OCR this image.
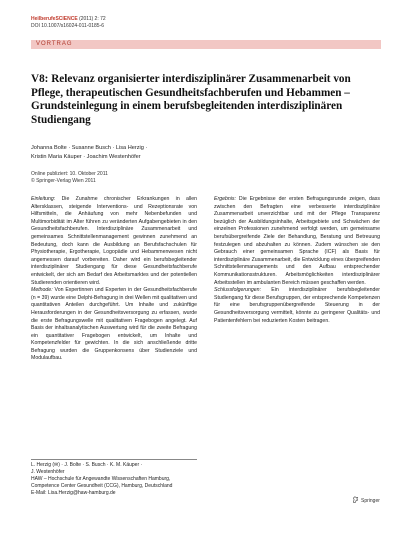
HeilberufeSCIENCE (2011) 2: 72
DOI 10.1007/s16024-011-0185-6
VORTRAG
V8: Relevanz organisierter interdisziplinärer Zusammenarbeit von Pflege, therapeutischen Gesundheitsfachberufen und Hebammen – Grundsteinlegung in einem berufsbegleitenden interdisziplinären Studiengang
Johanna Bolte · Susanne Busch · Lisa Herzig ·
Kristin Maria Käuper · Joachim Westenhöfer
Online publiziert: 10. Oktober 2011
© Springer-Verlag Wien 2011

Einleitung: Die Zunahme chronischer Erkrankungen in allen Altersklassen, steigende Interventions- und Rezeptionsrate von Hilfsmitteln, die Anhäufung von mehr Nebenbefunden und Multimorbidität im Alter führen zu veränderten Aufgabengebieten in den Gesundheitsfachberufen. Interdisziplinäre Zusammenarbeit und gemeinsames Schnittstellenmanagement gewinnen zunehmend an Bedeutung, doch kann die Ausbildung an Berufsfachschulen für Physiotherapie, Ergotherapie, Logopädie und Hebammenwesen nicht angemessen darauf vorbereiten. Daher wird ein berufsbegleitender interdisziplinärer Studiengang für diese Gesundheitsfachberufe entwickelt, der sich am Bedarf des Arbeitsmarktes und der potentiellen Studierenden orientieren wird.
Methode: Von Expertinnen und Experten in der Gesundheitsfachberufe (n = 39) wurde eine Delphi-Befragung in drei Wellen mit qualitativen und quantitativen Anteilen durchgeführt. Um Inhalte und zukünftige Herausforderungen in der Gesundheitsversorgung zu erfassen, wurde die erste Befragungswelle mit qualitativen Fragebogen angelegt. Auf Basis der inhaltsanalytischen Auswertung wird für die zweite Befragung ein quantitativer Fragebogen entwickelt, um Inhalte und Kompetenzfelder für gewichten. In die sich anschließende dritte Befragung wurden die Gruppenkonsens über Studienziele und Modulaufbau.

Ergebnis: Die Ergebnisse der ersten Befragungsrunde zeigen, dass zwischen den Befragten eine verbesserte interdisziplinäre Zusammenarbeit unverzichtbar und mit der Pflege Transparenz bezüglich der Ausbildungsinhalte, Arbeitsgebiete und Schwächen der einzelnen Professionen zunehmend verfolgt werden, um gemeinsame berufsübergreifende Ziele der Behandlung, Beratung und Betreuung festzulegen und abzuhalten zu können. Zudem wünschen sie den Gebrauch einer gemeinsamen Sprache (ICF) als Basis für interdisziplinäre Zusammenarbeit, die Entwicklung eines übergreifenden Schnittstellenmanagements und den Aufbau entsprechender Kommunikationsstrukturen. Arbeitsmöglichkeiten interdisziplinärer Arbeitsstellen im ambulanten Bereich müssen geschaffen werden.
Schlussfolgerungen: Ein interdisziplinärer berufsbegleitender Studiengang für diese Berufsgruppen, der entsprechende Kompetenzen für eine berufsgruppenübergreifende Steuerung in der Gesundheitsversorgung vermittelt, könnte zu geringerer Qualitäts- und Patientenfehlern bei reduzierten Kosten beitragen.

L. Herzig (✉) · J. Bolte · S. Busch · K. M. Käuper ·
J. Westenhöfer
HAW – Hochschule für Angewandte Wissenschaften Hamburg,
Competence Center Gesundheit (CCG), Hamburg, Deutschland
E-Mail: Lisa.Herzig@haw-hamburg.de
Springer
